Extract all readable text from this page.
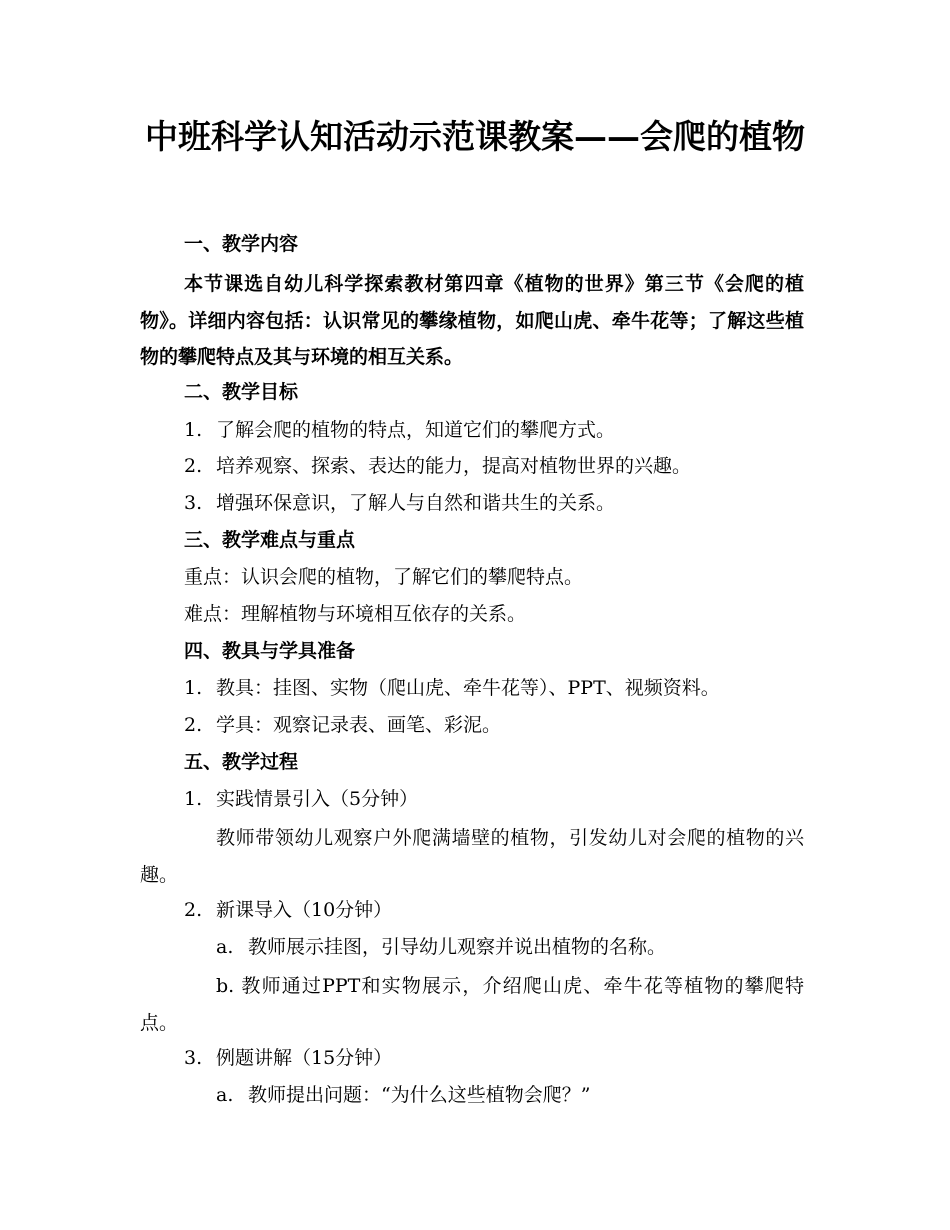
中班科学认知活动示范课教案——会爬的植物
一、教学内容
本节课选自幼儿科学探索教材第四章《植物的世界》第三节《会爬的植物》。详细内容包括：认识常见的攀缘植物，如爬山虎、牵牛花等；了解这些植物的攀爬特点及其与环境的相互关系。
二、教学目标
1. 了解会爬的植物的特点，知道它们的攀爬方式。
2. 培养观察、探索、表达的能力，提高对植物世界的兴趣。
3. 增强环保意识，了解人与自然和谐共生的关系。
三、教学难点与重点
重点：认识会爬的植物，了解它们的攀爬特点。
难点：理解植物与环境相互依存的关系。
四、教具与学具准备
1. 教具：挂图、实物（爬山虎、牵牛花等）、PPT、视频资料。
2. 学具：观察记录表、画笔、彩泥。
五、教学过程
1. 实践情景引入（5分钟）
教师带领幼儿观察户外爬满墙壁的植物，引发幼儿对会爬的植物的兴趣。
2. 新课导入（10分钟）
a. 教师展示挂图，引导幼儿观察并说出植物的名称。
b. 教师通过PPT和实物展示，介绍爬山虎、牵牛花等植物的攀爬特点。
3. 例题讲解（15分钟）
a. 教师提出问题：“为什么这些植物会爬？”
